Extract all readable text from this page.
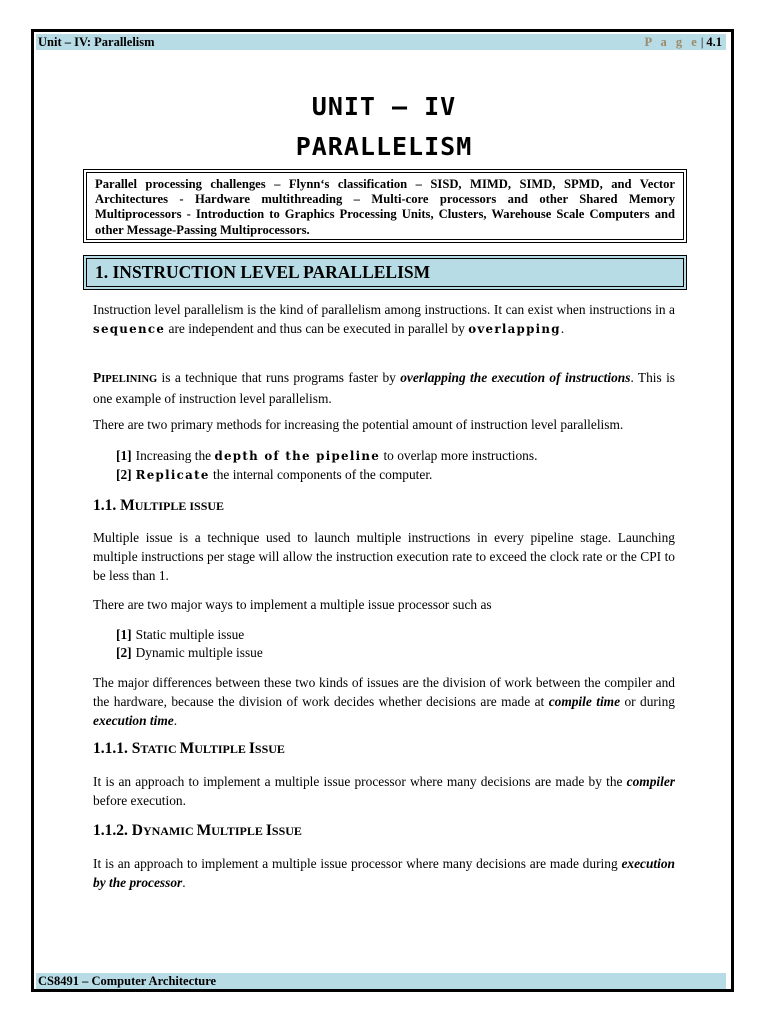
Unit – IV: Parallelism	P a g e| 4.1
UNIT – IV
PARALLELISM
Parallel processing challenges – Flynn‘s classification – SISD, MIMD, SIMD, SPMD, and Vector Architectures - Hardware multithreading – Multi-core processors and other Shared Memory Multiprocessors - Introduction to Graphics Processing Units, Clusters, Warehouse Scale Computers and other Message-Passing Multiprocessors.
1. INSTRUCTION LEVEL PARALLELISM
Instruction level parallelism is the kind of parallelism among instructions. It can exist when instructions in a sequence are independent and thus can be executed in parallel by overlapping.
PIPELINING is a technique that runs programs faster by overlapping the execution of instructions. This is one example of instruction level parallelism.
There are two primary methods for increasing the potential amount of instruction level parallelism.
[1] Increasing the depth of the pipeline to overlap more instructions.
[2] Replicate the internal components of the computer.
1.1. MULTIPLE ISSUE
Multiple issue is a technique used to launch multiple instructions in every pipeline stage. Launching multiple instructions per stage will allow the instruction execution rate to exceed the clock rate or the CPI to be less than 1.
There are two major ways to implement a multiple issue processor such as
[1] Static multiple issue
[2] Dynamic multiple issue
The major differences between these two kinds of issues are the division of work between the compiler and the hardware, because the division of work decides whether decisions are made at compile time or during execution time.
1.1.1. STATIC MULTIPLE ISSUE
It is an approach to implement a multiple issue processor where many decisions are made by the compiler before execution.
1.1.2. DYNAMIC MULTIPLE ISSUE
It is an approach to implement a multiple issue processor where many decisions are made during execution by the processor.
CS8491 – Computer Architecture
